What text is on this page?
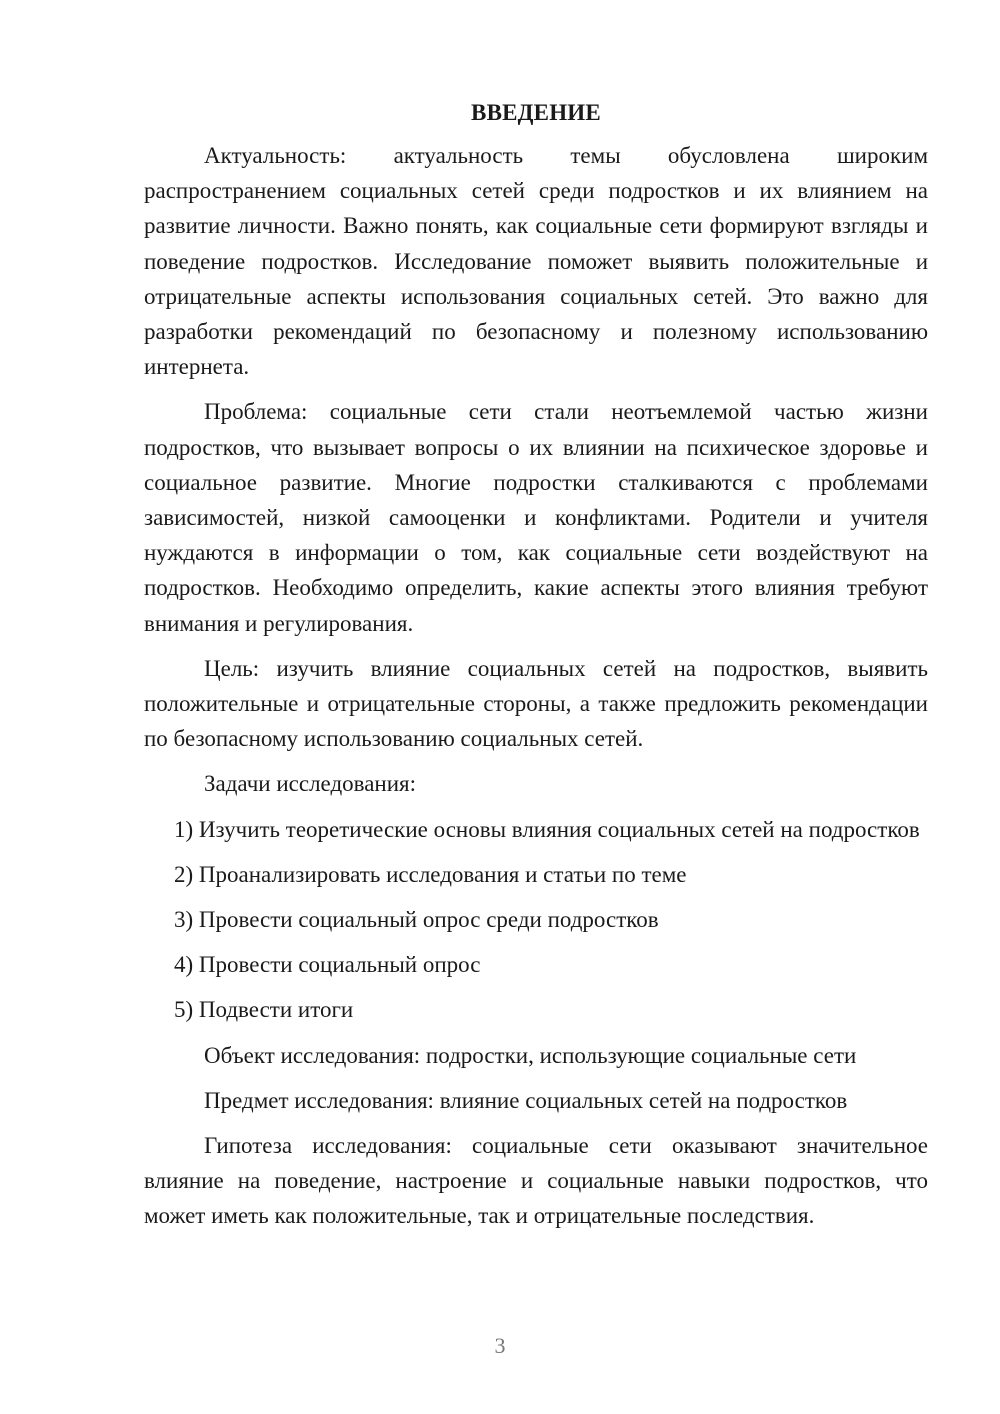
ВВЕДЕНИЕ

Актуальность: актуальность темы обусловлена широким распространением социальных сетей среди подростков и их влиянием на развитие личности. Важно понять, как социальные сети формируют взгляды и поведение подростков. Исследование поможет выявить положительные и отрицательные аспекты использования социальных сетей. Это важно для разработки рекомендаций по безопасному и полезному использованию интернета.

Проблема: социальные сети стали неотъемлемой частью жизни подростков, что вызывает вопросы о их влиянии на психическое здоровье и социальное развитие. Многие подростки сталкиваются с проблемами зависимостей, низкой самооценки и конфликтами. Родители и учителя нуждаются в информации о том, как социальные сети воздействуют на подростков. Необходимо определить, какие аспекты этого влияния требуют внимания и регулирования.

Цель: изучить влияние социальных сетей на подростков, выявить положительные и отрицательные стороны, а также предложить рекомендации по безопасному использованию социальных сетей.

Задачи исследования:

1) Изучить теоретические основы влияния социальных сетей на подростков

2) Проанализировать исследования и статьи по теме
3) Провести социальный опрос среди подростков
4) Провести социальный опрос
5) Подвести итоги
Объект исследования: подростки, использующие социальные сети
Предмет исследования: влияние социальных сетей на подростков

Гипотеза исследования: социальные сети оказывают значительное влияние на поведение, настроение и социальные навыки подростков, что может иметь как положительные, так и отрицательные последствия.

3
